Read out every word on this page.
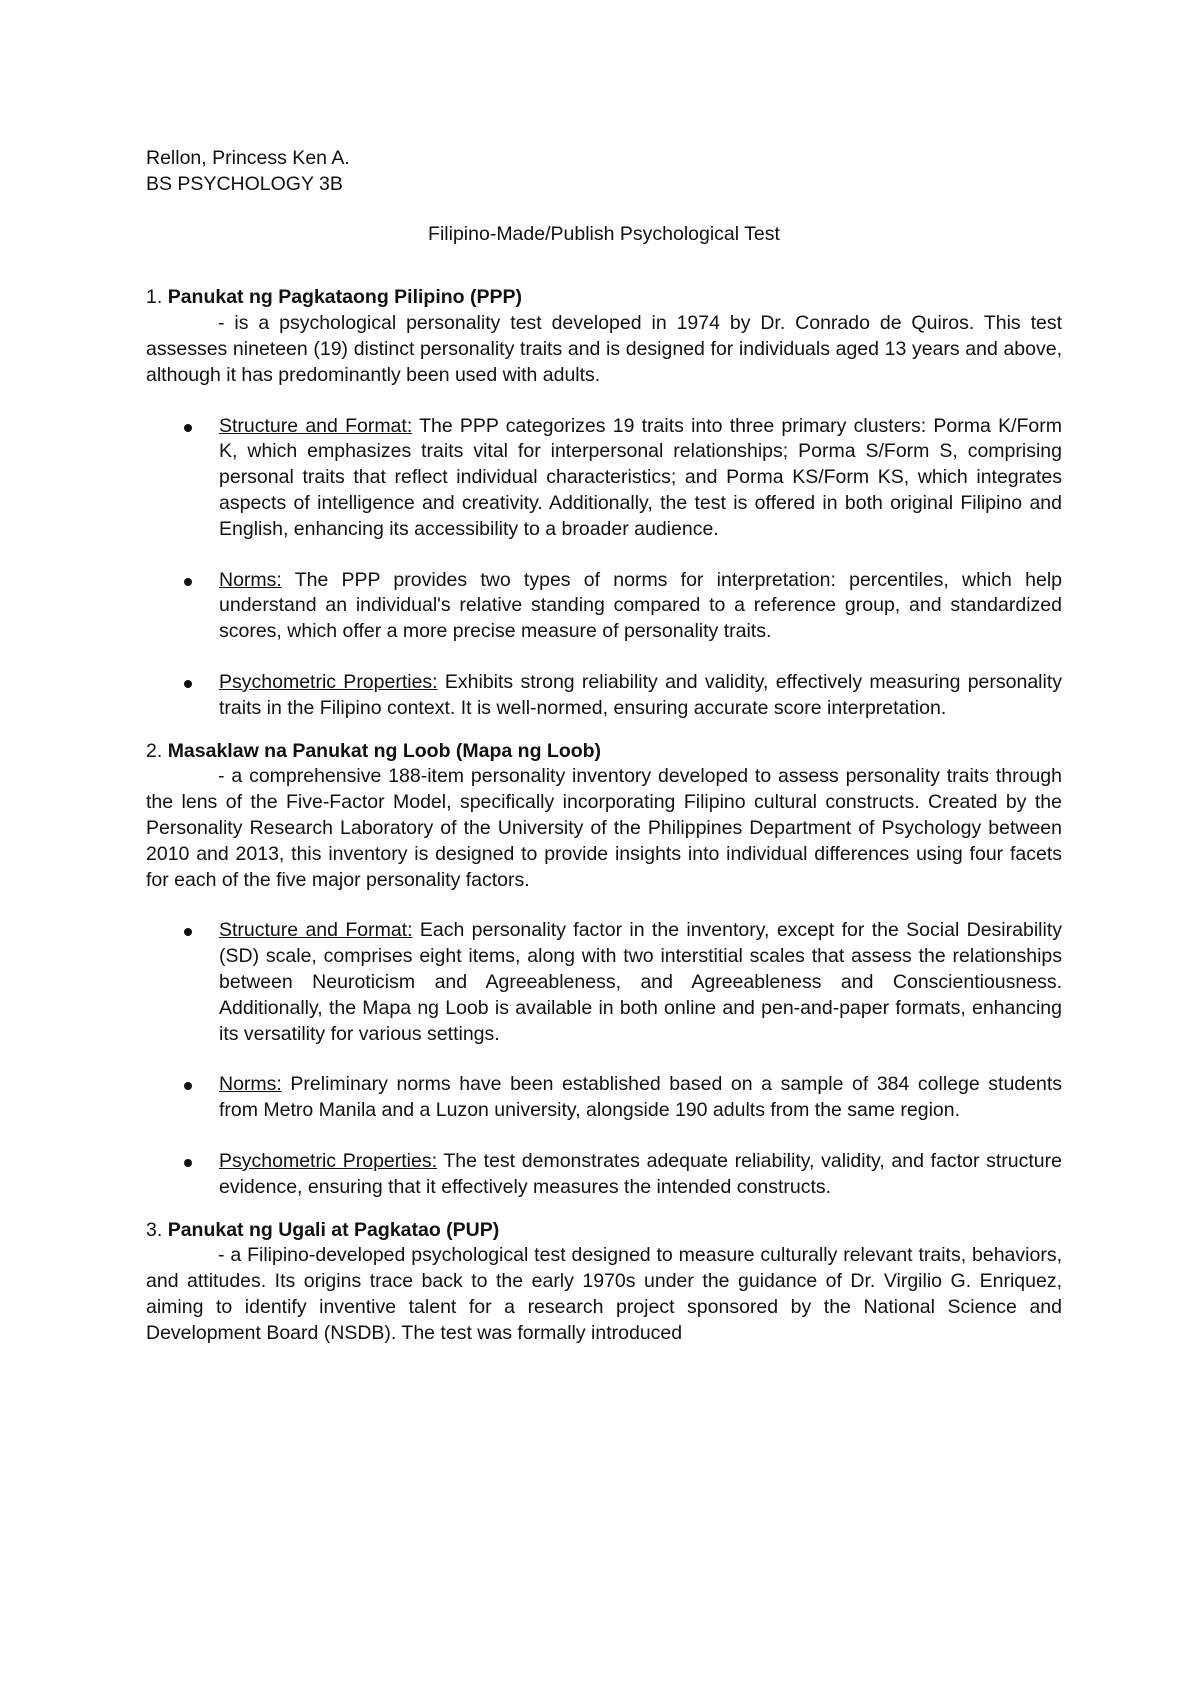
Rellon, Princess Ken A.

BS PSYCHOLOGY 3B

Filipino-Made/Publish Psychological Test

1. Panukat ng Pagkataong Pilipino (PPP)

- is a psychological personality test developed in 1974 by Dr. Conrado de Quiros. This test assesses nineteen (19) distinct personality traits and is designed for individuals aged 13 years and above, although it has predominantly been used with adults.

Structure and Format: The PPP categorizes 19 traits into three primary clusters: Porma K/Form K, which emphasizes traits vital for interpersonal relationships; Porma S/Form S, comprising personal traits that reflect individual characteristics; and Porma KS/Form KS, which integrates aspects of intelligence and creativity. Additionally, the test is offered in both original Filipino and English, enhancing its accessibility to a broader audience.
Norms: The PPP provides two types of norms for interpretation: percentiles, which help understand an individual's relative standing compared to a reference group, and standardized scores, which offer a more precise measure of personality traits.
Psychometric Properties: Exhibits strong reliability and validity, effectively measuring personality traits in the Filipino context. It is well-normed, ensuring accurate score interpretation.

2. Masaklaw na Panukat ng Loob (Mapa ng Loob)

- a comprehensive 188-item personality inventory developed to assess personality traits through the lens of the Five-Factor Model, specifically incorporating Filipino cultural constructs. Created by the Personality Research Laboratory of the University of the Philippines Department of Psychology between 2010 and 2013, this inventory is designed to provide insights into individual differences using four facets for each of the five major personality factors.

Structure and Format: Each personality factor in the inventory, except for the Social Desirability (SD) scale, comprises eight items, along with two interstitial scales that assess the relationships between Neuroticism and Agreeableness, and Agreeableness and Conscientiousness. Additionally, the Mapa ng Loob is available in both online and pen-and-paper formats, enhancing its versatility for various settings.
Norms: Preliminary norms have been established based on a sample of 384 college students from Metro Manila and a Luzon university, alongside 190 adults from the same region.
Psychometric Properties: The test demonstrates adequate reliability, validity, and factor structure evidence, ensuring that it effectively measures the intended constructs.

3. Panukat ng Ugali at Pagkatao (PUP)

- a Filipino-developed psychological test designed to measure culturally relevant traits, behaviors, and attitudes. Its origins trace back to the early 1970s under the guidance of Dr. Virgilio G. Enriquez, aiming to identify inventive talent for a research project sponsored by the National Science and Development Board (NSDB). The test was formally introduced
